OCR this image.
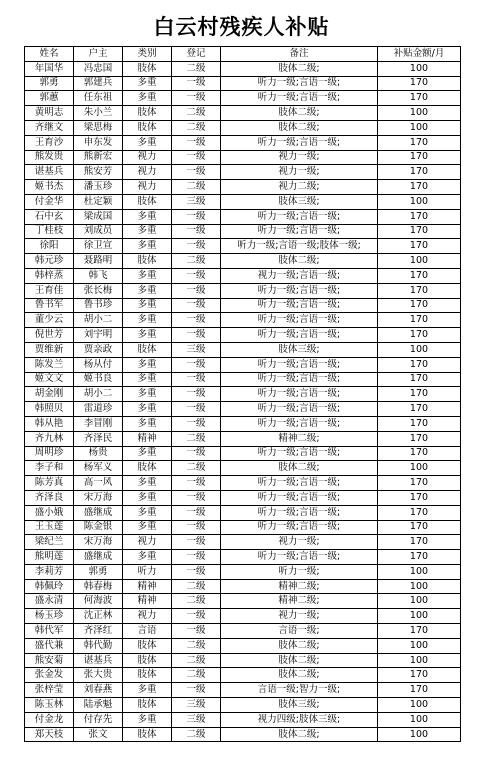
白云村残疾人补贴
姓名	户主	类别	登记	备注	补贴金额/月
年国华	冯忠国	肢体	二级	肢体二级;	100
郭勇	郭建兵	多重	一级	听力一级;言语一级;	170
郭蕙	任东祖	多重	一级	听力一级;言语一级;	170
黄明志	朱小兰	肢体	二级	肢体二级;	100
齐继文	梁思梅	肢体	二级	肢体二级;	100
王育沙	申东发	多重	一级	听力一级;言语一级;	170
熊发贵	熊新宏	视力	一级	视力一级;	170
谌基兵	熊安芳	视力	一级	视力一级;	170
姬书杰	潘玉珍	视力	二级	视力二级;	170
付金华	杜定颖	肢体	三级	肢体三级;	100
石中玄	梁成国	多重	一级	听力一级;言语一级;	170
丁桂枝	刘成员	多重	一级	听力一级;言语一级;	170
徐阳	徐卫宣	多重	一级	听力一级;言语一级;肢体一级;	170
韩元珍	聂路明	肢体	二级	肢体二级;	100
韩梓蒸	韩飞	多重	一级	视力一级;言语一级;	170
王育佳	张长梅	多重	一级	听力一级;言语一级;	170
鲁书军	鲁书珍	多重	一级	听力一级;言语一级;	170
董少云	胡小二	多重	一级	听力一级;言语一级;	170
倪世芳	刘宇明	多重	一级	听力一级;言语一级;	170
贾维新	贾亲政	肢体	三级	肢体三级;	100
陈发兰	杨从付	多重	一级	听力一级;言语一级;	170
姬文文	姬书良	多重	一级	听力一级;言语一级;	170
胡金刚	胡小二	多重	一级	听力一级;言语一级;	170
韩照贝	雷道珍	多重	一级	听力一级;言语一级;	170
韩从艳	李冒刚	多重	一级	听力一级;言语一级;	170
齐九林	齐泽民	精神	二级	精神二级;	170
周明珍	杨贵	多重	一级	听力一级;言语一级;	170
李子和	杨军义	肢体	二级	肢体二级;	100
陈芳真	高一风	多重	一级	听力一级;言语一级;	170
齐泽良	宋万海	多重	一级	听力一级;言语一级;	170
盛小娥	盛继成	多重	一级	听力一级;言语一级;	170
王玉莲	陈金银	多重	一级	听力一级;言语一级;	170
梁纪兰	宋万海	视力	一级	视力一级;	170
熊明莲	盛继成	多重	一级	听力一级;言语一级;	170
李莉芳	郭勇	听力	一级	听力一级;	100
韩佩玲	韩春梅	精神	二级	精神二级;	100
盛永清	何海波	精神	二级	精神二级;	100
杨玉珍	沈正林	视力	一级	视力一级;	100
韩代军	齐泽红	言语	一级	言语一级;	170
盛代兼	韩代勤	肢体	二级	肢体二级;	100
熊安菊	谌基兵	肢体	二级	肢体二级;	100
张金发	张大贵	肢体	二级	肢体二级;	170
张梓莹	刘春燕	多重	一级	言语一级;智力一级;	170
陈玉林	陆承魁	肢体	三级	肢体三级;	100
付金龙	付存先	多重	三级	视力四级;肢体三级;	100
郑天枝	张文	肢体	二级	肢体二级;	100
